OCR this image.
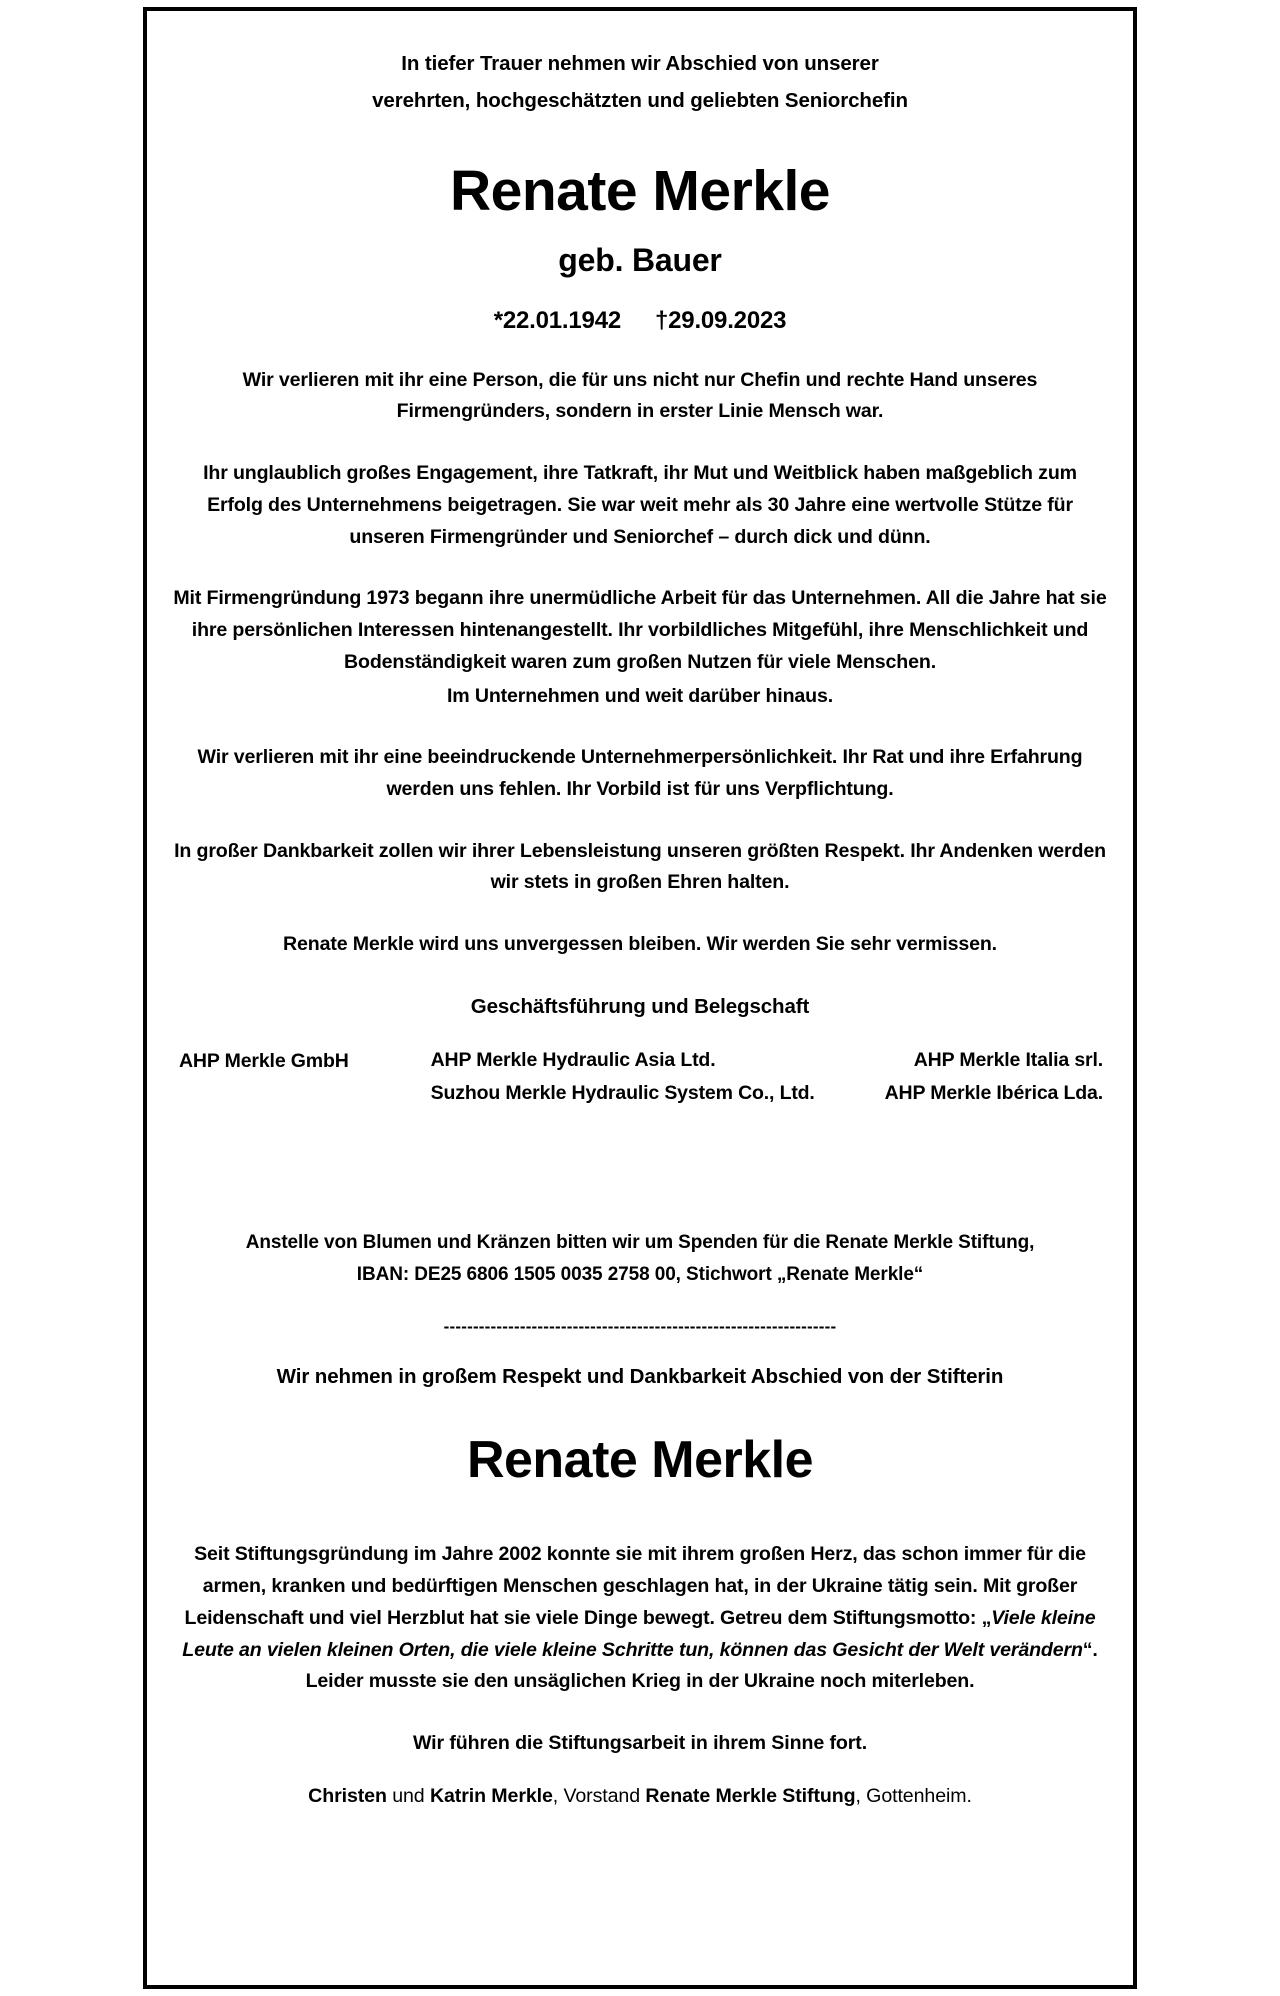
In tiefer Trauer nehmen wir Abschied von unserer
verehrten, hochgeschätzten und geliebten Seniorchefin
Renate Merkle
geb. Bauer
*22.01.1942 †29.09.2023

Wir verlieren mit ihr eine Person, die für uns nicht nur Chefin und rechte Hand unseres Firmengründers, sondern in erster Linie Mensch war.

Ihr unglaublich großes Engagement, ihre Tatkraft, ihr Mut und Weitblick haben maßgeblich zum Erfolg des Unternehmens beigetragen. Sie war weit mehr als 30 Jahre eine wertvolle Stütze für unseren Firmengründer und Seniorchef – durch dick und dünn.

Mit Firmengründung 1973 begann ihre unermüdliche Arbeit für das Unternehmen. All die Jahre hat sie ihre persönlichen Interessen hintenangestellt. Ihr vorbildliches Mitgefühl, ihre Menschlichkeit und Bodenständigkeit waren zum großen Nutzen für viele Menschen.

Im Unternehmen und weit darüber hinaus.

Wir verlieren mit ihr eine beeindruckende Unternehmerpersönlichkeit. Ihr Rat und ihre Erfahrung werden uns fehlen. Ihr Vorbild ist für uns Verpflichtung.

In großer Dankbarkeit zollen wir ihrer Lebensleistung unseren größten Respekt. Ihr Andenken werden wir stets in großen Ehren halten.

Renate Merkle wird uns unvergessen bleiben. Wir werden Sie sehr vermissen.

Geschäftsführung und Belegschaft
AHP Merkle GmbH	AHP Merkle Hydraulic Asia Ltd.
Suzhou Merkle Hydraulic System Co., Ltd.
AHP Merkle Italia srl.
AHP Merkle Ibérica Lda.
Anstelle von Blumen und Kränzen bitten wir um Spenden für die Renate Merkle Stiftung,
IBAN: DE25 6806 1505 0035 2758 00, Stichwort „Renate Merkle“
-------------------------------------------------------------------
Wir nehmen in großem Respekt und Dankbarkeit Abschied von der Stifterin
Renate Merkle

Seit Stiftungsgründung im Jahre 2002 konnte sie mit ihrem großen Herz, das schon immer für die armen, kranken und bedürftigen Menschen geschlagen hat, in der Ukraine tätig sein. Mit großer Leidenschaft und viel Herzblut hat sie viele Dinge bewegt. Getreu dem Stiftungsmotto: „Viele kleine Leute an vielen kleinen Orten, die viele kleine Schritte tun, können das Gesicht der Welt verändern“. Leider musste sie den unsäglichen Krieg in der Ukraine noch miterleben.

Wir führen die Stiftungsarbeit in ihrem Sinne fort.
Christen und Katrin Merkle, Vorstand Renate Merkle Stiftung, Gottenheim.
